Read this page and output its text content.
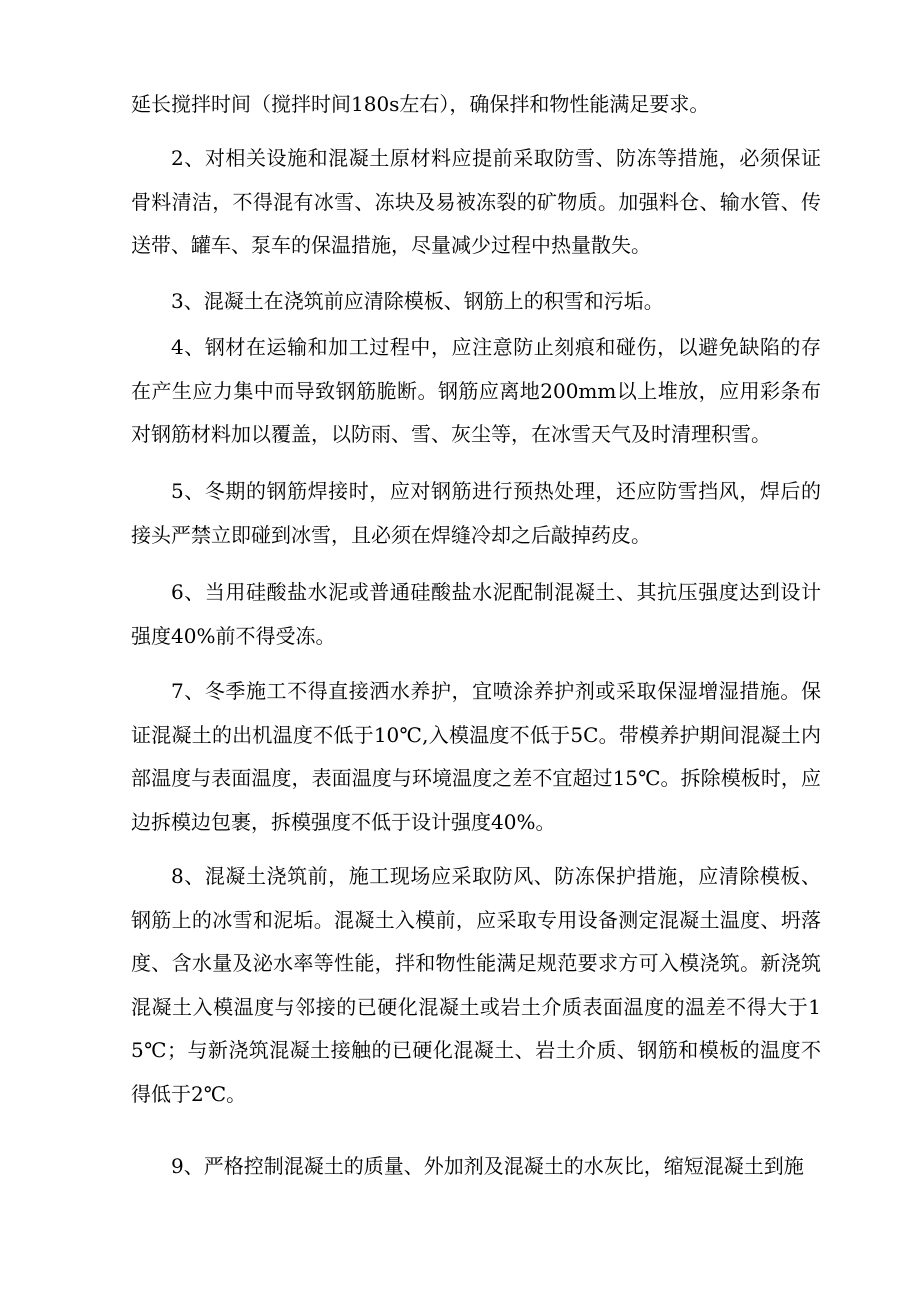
延长搅拌时间（搅拌时间180s左右），确保拌和物性能满足要求。

2、对相关设施和混凝土原材料应提前采取防雪、防冻等措施，必须保证骨料清洁，不得混有冰雪、冻块及易被冻裂的矿物质。加强料仓、输水管、传送带、罐车、泵车的保温措施，尽量减少过程中热量散失。

3、混凝土在浇筑前应清除模板、钢筋上的积雪和污垢。

4、钢材在运输和加工过程中，应注意防止刻痕和碰伤，以避免缺陷的存在产生应力集中而导致钢筋脆断。钢筋应离地200mm以上堆放，应用彩条布对钢筋材料加以覆盖，以防雨、雪、灰尘等，在冰雪天气及时清理积雪。

5、冬期的钢筋焊接时，应对钢筋进行预热处理，还应防雪挡风，焊后的接头严禁立即碰到冰雪，且必须在焊缝冷却之后敲掉药皮。

6、当用硅酸盐水泥或普通硅酸盐水泥配制混凝土、其抗压强度达到设计强度40%前不得受冻。

7、冬季施工不得直接洒水养护，宜喷涂养护剂或采取保湿增湿措施。保证混凝土的出机温度不低于10℃,入模温度不低于5C。带模养护期间混凝土内部温度与表面温度，表面温度与环境温度之差不宜超过15℃。拆除模板时，应边拆模边包裹，拆模强度不低于设计强度40%。

8、混凝土浇筑前，施工现场应采取防风、防冻保护措施，应清除模板、钢筋上的冰雪和泥垢。混凝土入模前，应采取专用设备测定混凝土温度、坍落度、含水量及泌水率等性能，拌和物性能满足规范要求方可入模浇筑。新浇筑混凝土入模温度与邻接的已硬化混凝土或岩土介质表面温度的温差不得大于15℃；与新浇筑混凝土接触的已硬化混凝土、岩土介质、钢筋和模板的温度不得低于2℃。

9、严格控制混凝土的质量、外加剂及混凝土的水灰比，缩短混凝土到施
